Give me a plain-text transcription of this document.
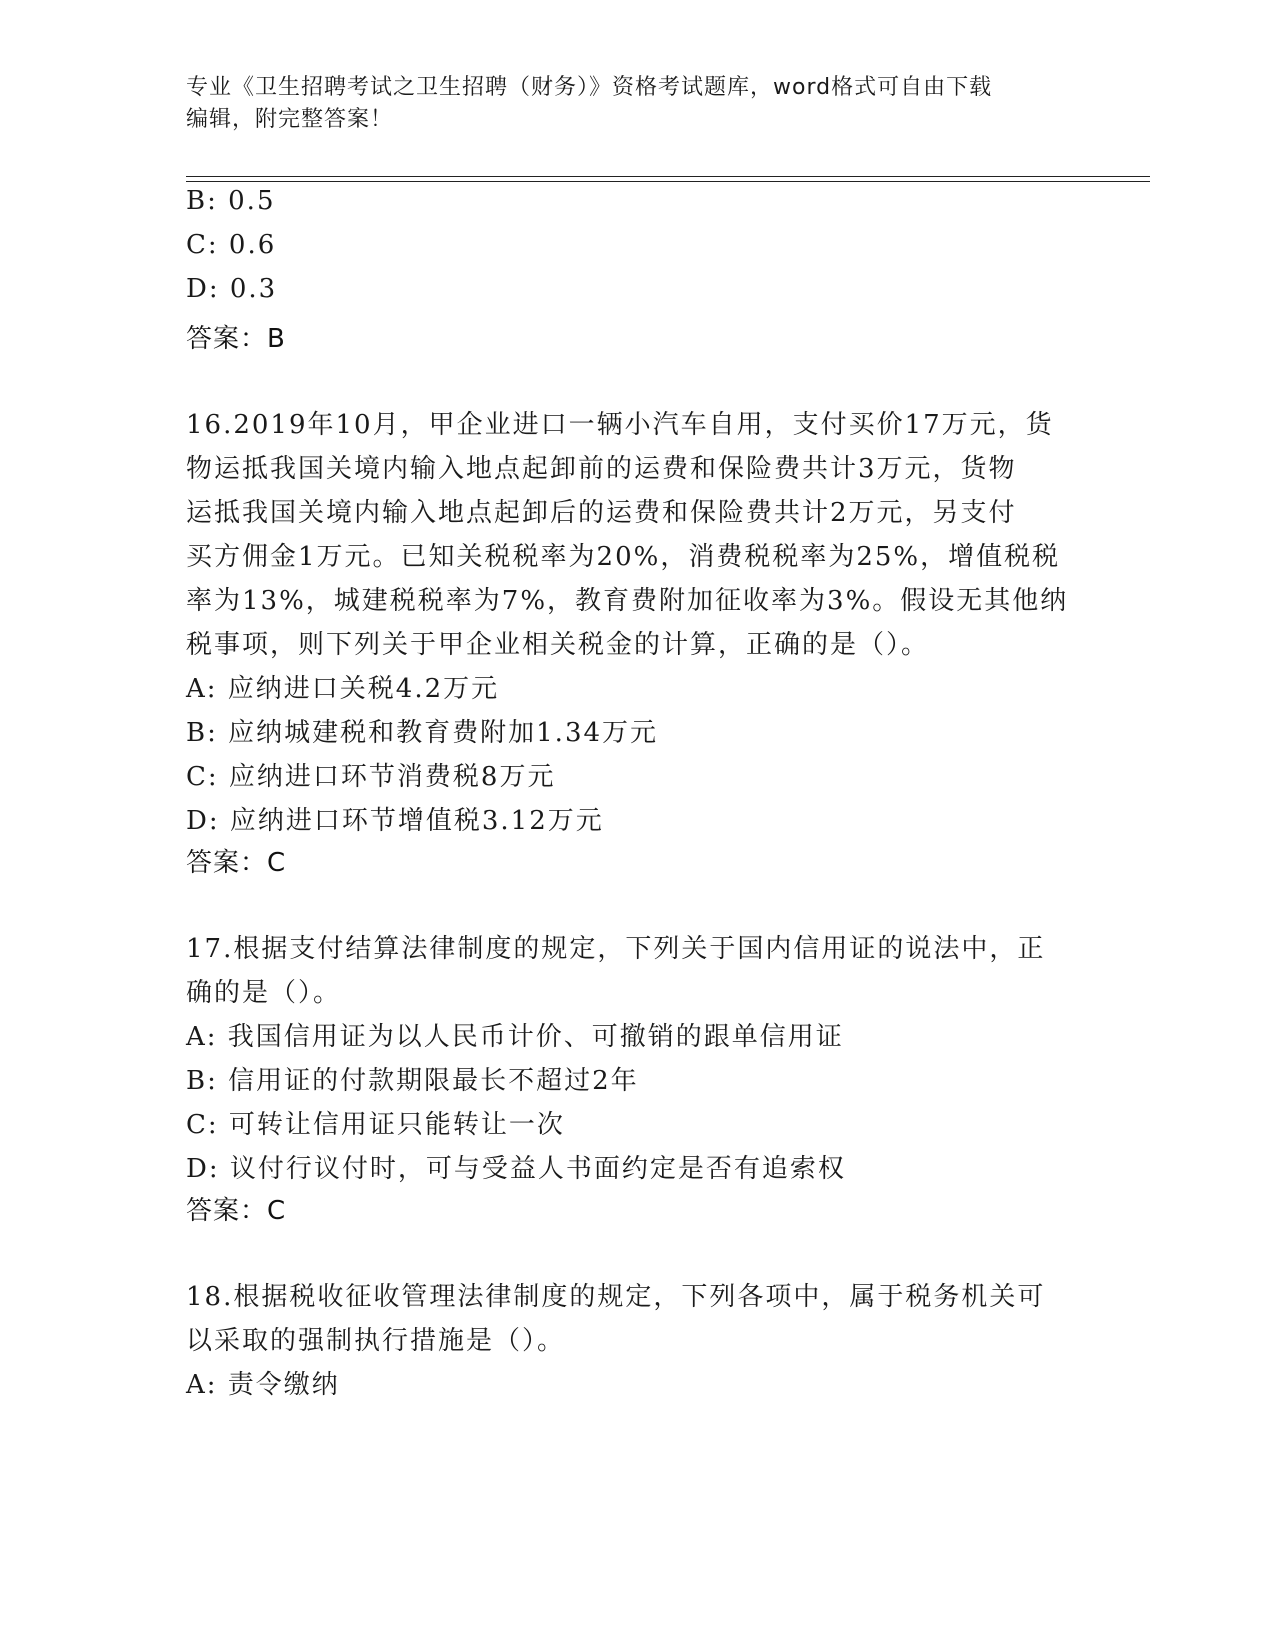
专业《卫生招聘考试之卫生招聘（财务）》资格考试题库，word格式可自由下载
编辑，附完整答案！
B: 0.5
C: 0.6
D: 0.3
答案：B
16.2019年10月，甲企业进口一辆小汽车自用，支付买价17万元，货
物运抵我国关境内输入地点起卸前的运费和保险费共计3万元，货物
运抵我国关境内输入地点起卸后的运费和保险费共计2万元，另支付
买方佣金1万元。已知关税税率为20%，消费税税率为25%，增值税税
率为13%，城建税税率为7%，教育费附加征收率为3%。假设无其他纳
税事项，则下列关于甲企业相关税金的计算，正确的是（）。
A: 应纳进口关税4.2万元
B: 应纳城建税和教育费附加1.34万元
C: 应纳进口环节消费税8万元
D: 应纳进口环节增值税3.12万元
答案：C
17.根据支付结算法律制度的规定，下列关于国内信用证的说法中，正
确的是（）。
A: 我国信用证为以人民币计价、可撤销的跟单信用证
B: 信用证的付款期限最长不超过2年
C: 可转让信用证只能转让一次
D: 议付行议付时，可与受益人书面约定是否有追索权
答案：C
18.根据税收征收管理法律制度的规定，下列各项中，属于税务机关可
以采取的强制执行措施是（）。
A: 责令缴纳
